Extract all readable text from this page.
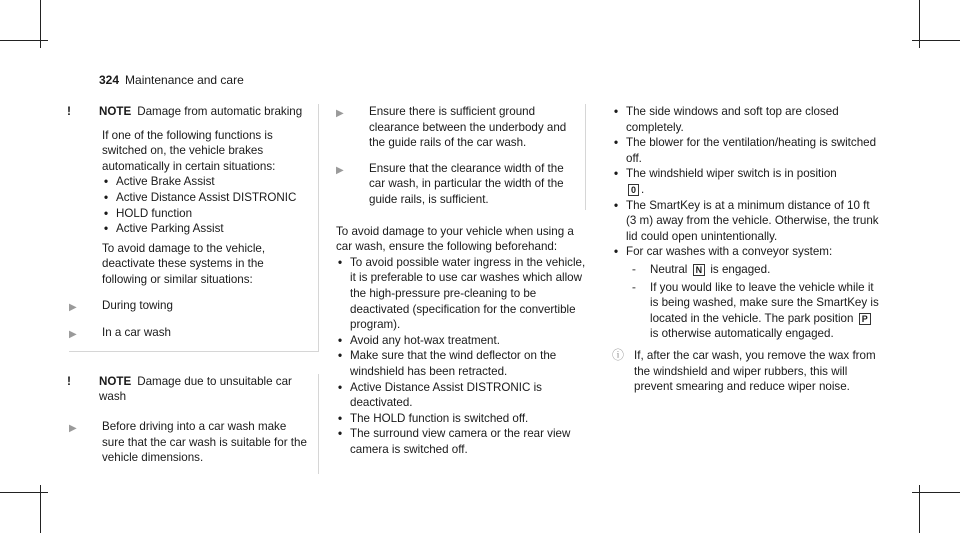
324 Maintenance and care
!	NOTE Damage from automatic braking

If one of the following functions is switched on, the vehicle brakes automatically in certain situations:

• Active Brake Assist
• Active Distance Assist DISTRONIC
• HOLD function
• Active Parking Assist

To avoid damage to the vehicle, deactivate these systems in the following or similar situations:

▶	During towing
▶	In a car wash
!	NOTE Damage due to unsuitable car wash
▶	Before driving into a car wash make sure that the car wash is suitable for the vehicle dimensions.
▶	Ensure there is sufficient ground clearance between the underbody and the guide rails of the car wash.
▶	Ensure that the clearance width of the car wash, in particular the width of the guide rails, is sufficient.

To avoid damage to your vehicle when using a car wash, ensure the following beforehand:

• To avoid possible water ingress in the vehicle, it is preferable to use car washes which allow the high-pressure pre-cleaning to be deactivated (specification for the convertible program).
• Avoid any hot-wax treatment.
• Make sure that the wind deflector on the windshield has been retracted.
• Active Distance Assist DISTRONIC is deactivated.
• The HOLD function is switched off.
• The surround view camera or the rear view camera is switched off.
• The side windows and soft top are closed completely.
• The blower for the ventilation/heating is switched off.
• The windshield wiper switch is in position
0 .
• The SmartKey is at a minimum distance of 10 ft (3 m) away from the vehicle. Otherwise, the trunk lid could open unintentionally.
• For car washes with a conveyor system:
- Neutral N is engaged.
- If you would like to leave the vehicle while it is being washed, make sure the SmartKey is located in the vehicle. The park position P is otherwise automatically engaged.
ⓘ If, after the car wash, you remove the wax from the windshield and wiper rubbers, this will prevent smearing and reduce wiper noise.
